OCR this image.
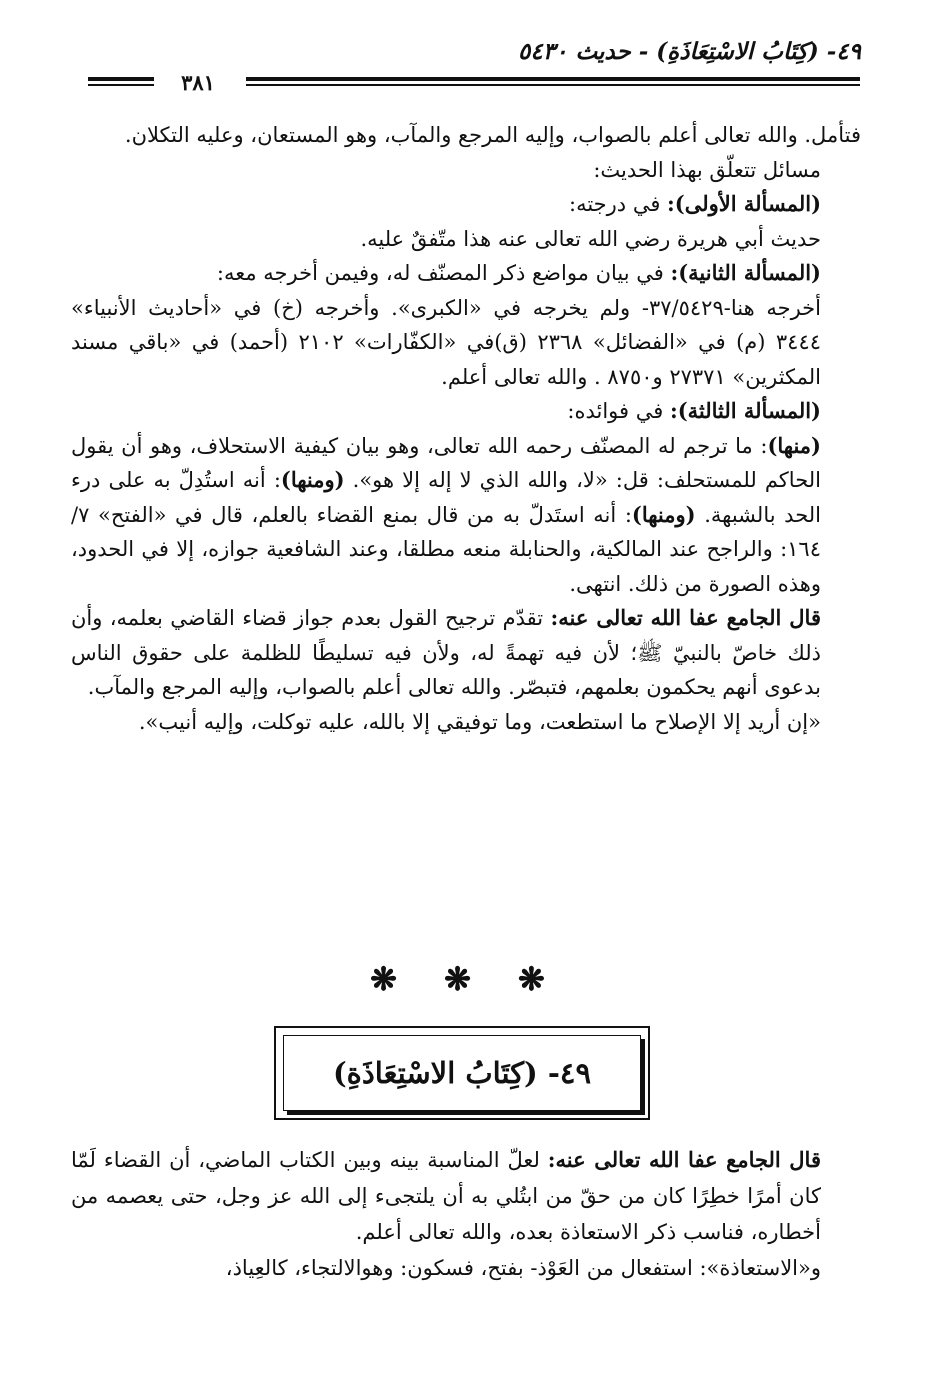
٤٩- (كِتَابُ الاسْتِعَاذَةِ) - حديث ٥٤٣٠
٣٨١

فتأمل. والله تعالى أعلم بالصواب، وإليه المرجع والمآب، وهو المستعان، وعليه التكلان.

مسائل تتعلّق بهذا الحديث:

(المسألة الأولى): في درجته:

حديث أبي هريرة رضي الله تعالى عنه هذا متّفقٌ عليه.

(المسألة الثانية): في بيان مواضع ذكر المصنّف له، وفيمن أخرجه معه:

أخرجه هنا-٣٧/٥٤٢٩- ولم يخرجه في «الكبرى». وأخرجه (خ) في «أحاديث الأنبياء» ٣٤٤٤ (م) في «الفضائل» ٢٣٦٨ (ق)في «الكفّارات» ٢١٠٢ (أحمد) في «باقي مسند المكثرين» ٢٧٣٧١ و٨٧٥٠ . والله تعالى أعلم.

(المسألة الثالثة): في فوائده:

(منها): ما ترجم له المصنّف رحمه الله تعالى، وهو بيان كيفية الاستحلاف، وهو أن يقول الحاكم للمستحلف: قل: «لا، والله الذي لا إله إلا هو». (ومنها): أنه استُدِلّ به على درء الحد بالشبهة. (ومنها): أنه استَدلّ به من قال بمنع القضاء بالعلم، قال في «الفتح» ٧/ ١٦٤: والراجح عند المالكية، والحنابلة منعه مطلقا، وعند الشافعية جوازه، إلا في الحدود، وهذه الصورة من ذلك. انتهى.

قال الجامع عفا الله تعالى عنه: تقدّم ترجيح القول بعدم جواز قضاء القاضي بعلمه، وأن ذلك خاصّ بالنبيّ ﷺ؛ لأن فيه تهمةً له، ولأن فيه تسليطًا للظلمة على حقوق الناس بدعوى أنهم يحكمون بعلمهم، فتبصّر. والله تعالى أعلم بالصواب، وإليه المرجع والمآب.

«إن أريد إلا الإصلاح ما استطعت، وما توفيقي إلا بالله، عليه توكلت، وإليه أنيب».

❋ ❋ ❋
٤٩- (كِتَابُ الاسْتِعَاذَةِ)

قال الجامع عفا الله تعالى عنه: لعلّ المناسبة بينه وبين الكتاب الماضي، أن القضاء لَمّا كان أمرًا خطِرًا كان من حقّ من ابتُلي به أن يلتجىء إلى الله عز وجل، حتى يعصمه من أخطاره، فناسب ذكر الاستعاذة بعده، والله تعالى أعلم.

و«الاستعاذة»: استفعال من العَوْذ- بفتح، فسكون: وهوالالتجاء، كالعِياذ،
